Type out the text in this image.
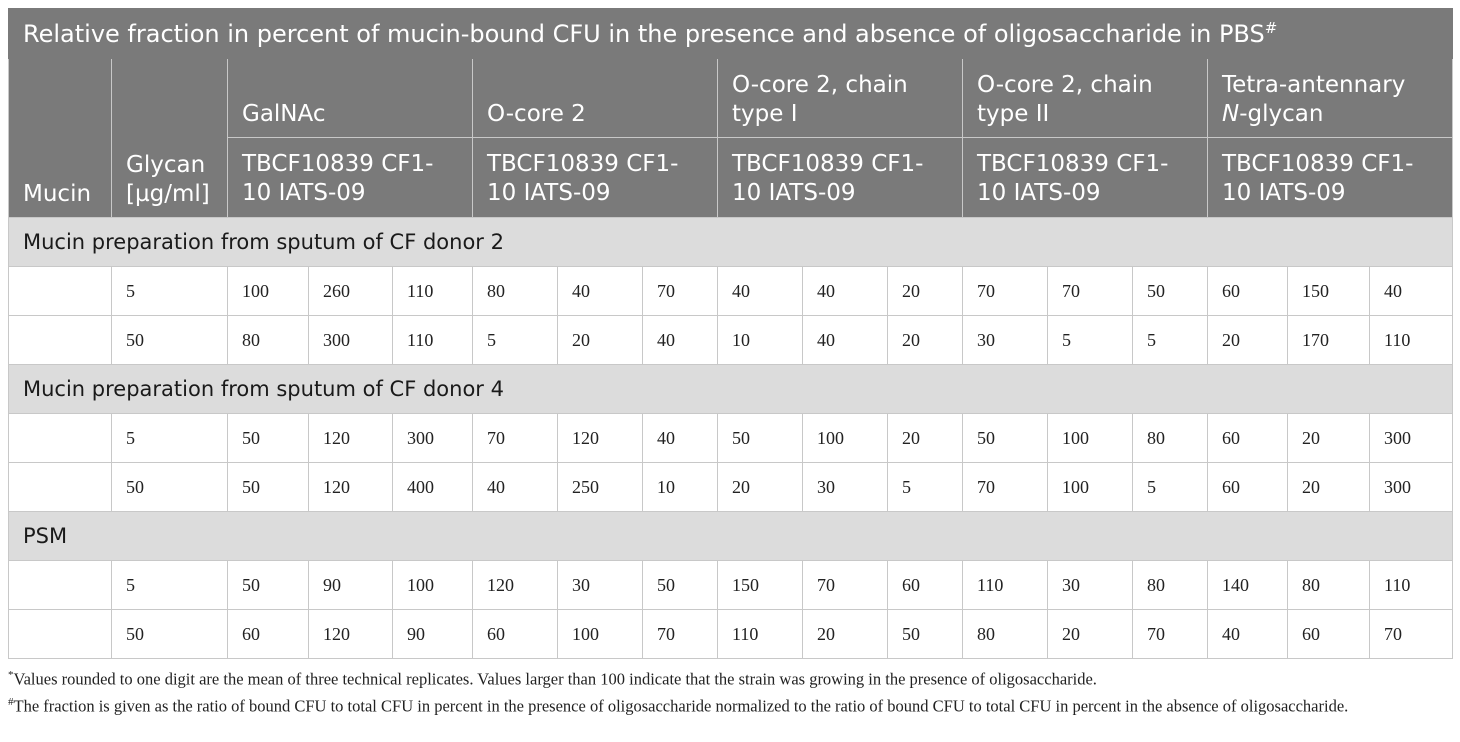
Relative fraction in percent of mucin-bound CFU in the presence and absence of oligosaccharide in PBS#
Mucin	Glycan [µg/ml]	GalNAc			O-core 2			O-core 2, chain type I			O-core 2, chain type II			Tetra-antennary N-glycan		
		TBCF10839 CF1-10 IATS-09			TBCF10839 CF1-10 IATS-09			TBCF10839 CF1-10 IATS-09			TBCF10839 CF1-10 IATS-09			TBCF10839 CF1-10 IATS-09		
Mucin preparation from sputum of CF donor 2																
	5	100	260	110	80	40	70	40	40	20	70	70	50	60	150	40
	50	80	300	110	5	20	40	10	40	20	30	5	5	20	170	110
Mucin preparation from sputum of CF donor 4																
	5	50	120	300	70	120	40	50	100	20	50	100	80	60	20	300
	50	50	120	400	40	250	10	20	30	5	70	100	5	60	20	300
PSM																
	5	50	90	100	120	30	50	150	70	60	110	30	80	140	80	110
	50	60	120	90	60	100	70	110	20	50	80	20	70	40	60	70

*Values rounded to one digit are the mean of three technical replicates. Values larger than 100 indicate that the strain was growing in the presence of oligosaccharide.

#The fraction is given as the ratio of bound CFU to total CFU in percent in the presence of oligosaccharide normalized to the ratio of bound CFU to total CFU in percent in the absence of oligosaccharide.
